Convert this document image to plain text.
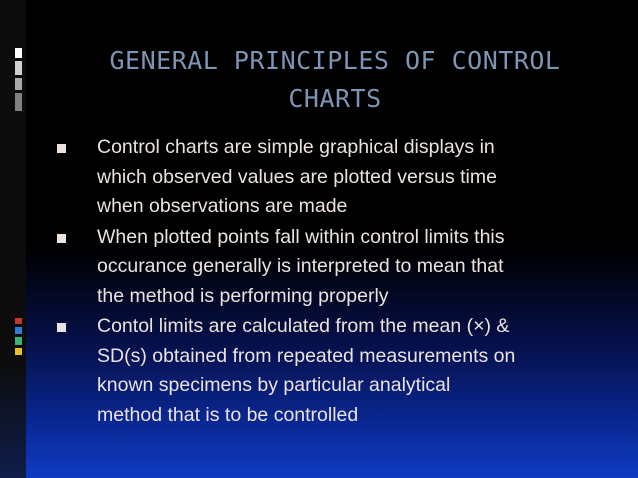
GENERAL PRINCIPLES OF CONTROL
CHARTS
Control charts are simple graphical displays in
which observed values are plotted versus time
when observations are made
When plotted points fall within control limits this
occurance generally is interpreted to mean that
the method is performing properly
Contol limits are calculated from the mean (×) &
SD(s) obtained from repeated measurements on
known specimens by particular analytical
method that is to be controlled
